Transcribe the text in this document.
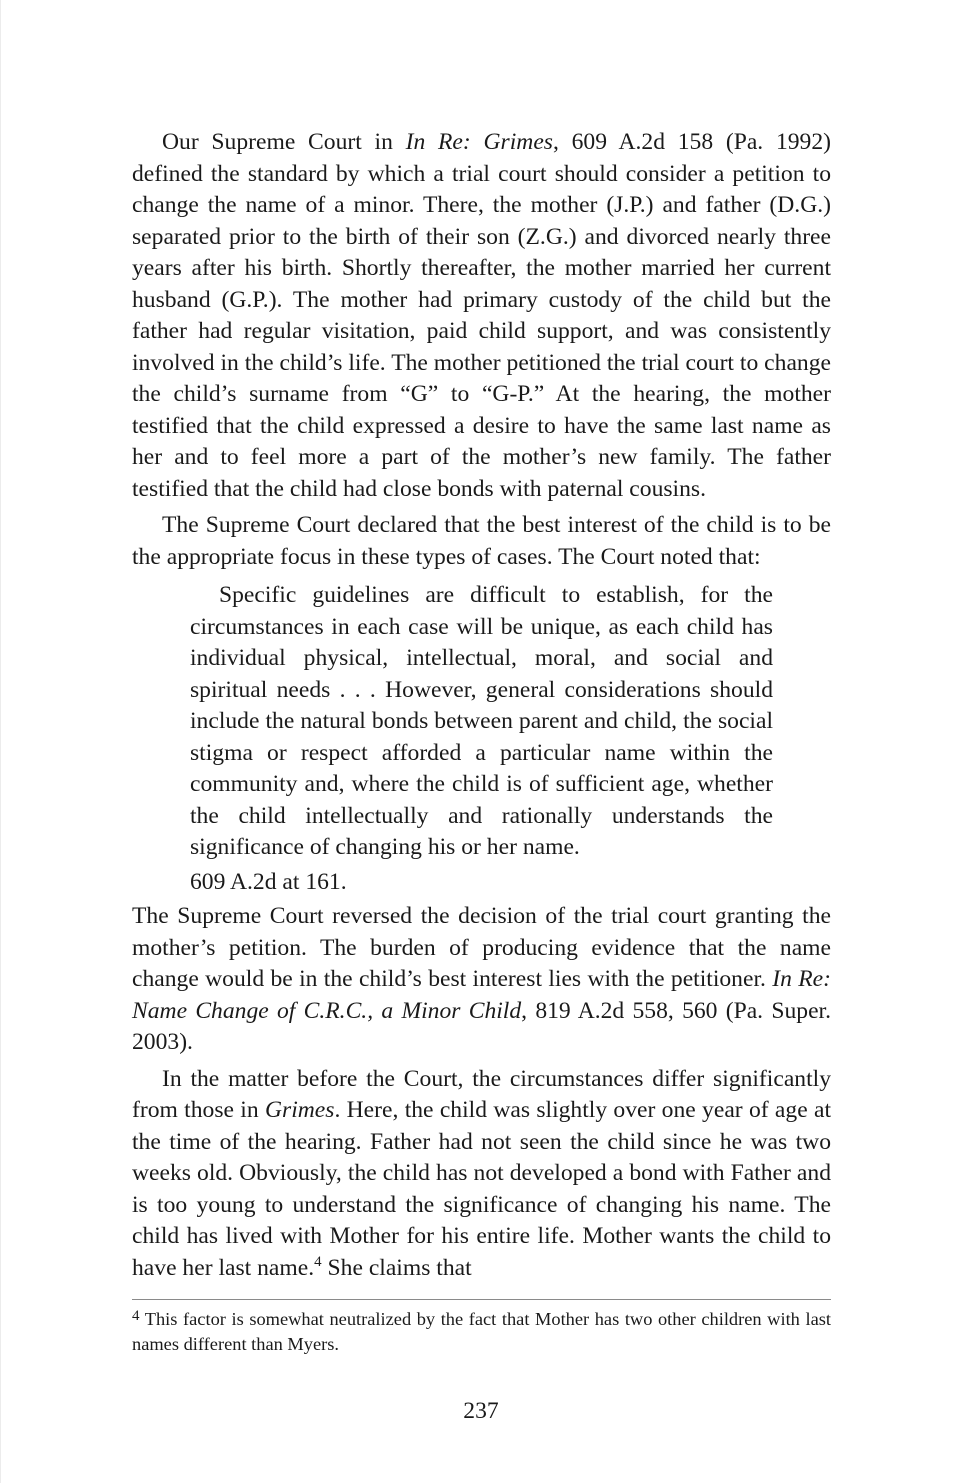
Our Supreme Court in In Re: Grimes, 609 A.2d 158 (Pa. 1992) defined the standard by which a trial court should consider a petition to change the name of a minor. There, the mother (J.P.) and father (D.G.) separated prior to the birth of their son (Z.G.) and divorced nearly three years after his birth. Shortly thereafter, the mother married her current husband (G.P.). The mother had primary custody of the child but the father had regular visitation, paid child support, and was consistently involved in the child’s life. The mother petitioned the trial court to change the child’s surname from “G” to “G-P.” At the hearing, the mother testified that the child expressed a desire to have the same last name as her and to feel more a part of the mother’s new family. The father testified that the child had close bonds with paternal cousins.

The Supreme Court declared that the best interest of the child is to be the appropriate focus in these types of cases. The Court noted that:

Specific guidelines are difficult to establish, for the circumstances in each case will be unique, as each child has individual physical, intellectual, moral, and social and spiritual needs . . . However, general considerations should include the natural bonds between parent and child, the social stigma or respect afforded a particular name within the community and, where the child is of sufficient age, whether the child intellectually and rationally understands the significance of changing his or her name.

609 A.2d at 161.

The Supreme Court reversed the decision of the trial court granting the mother’s petition. The burden of producing evidence that the name change would be in the child’s best interest lies with the petitioner. In Re: Name Change of C.R.C., a Minor Child, 819 A.2d 558, 560 (Pa. Super. 2003).

In the matter before the Court, the circumstances differ significantly from those in Grimes. Here, the child was slightly over one year of age at the time of the hearing. Father had not seen the child since he was two weeks old. Obviously, the child has not developed a bond with Father and is too young to understand the significance of changing his name. The child has lived with Mother for his entire life. Mother wants the child to have her last name.$^4$ She claims that

$^4$ This factor is somewhat neutralized by the fact that Mother has two other children with last names different than Myers.
237
